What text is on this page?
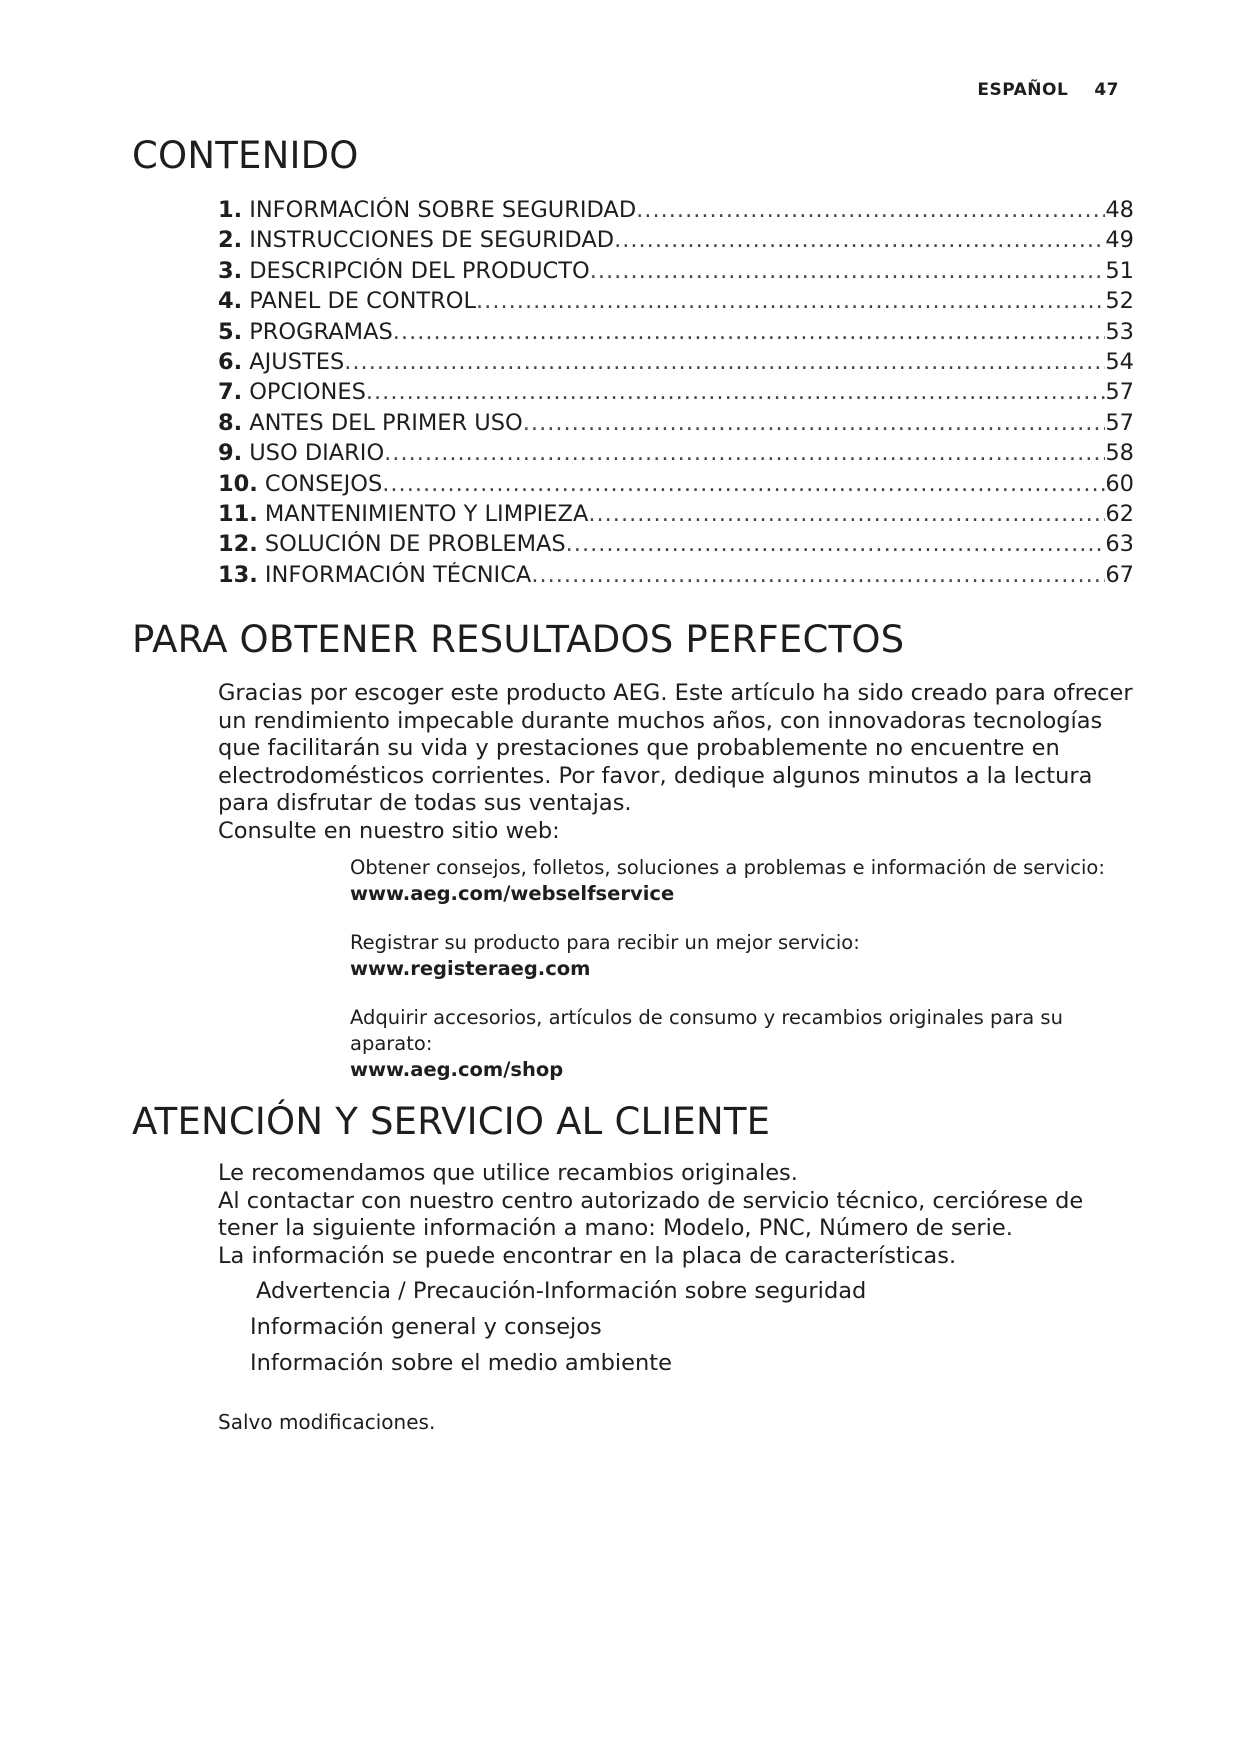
ESPAÑOL 47
CONTENIDO
1. INFORMACIÓN SOBRE SEGURIDAD .....	48
2. INSTRUCCIONES DE SEGURIDAD .....	49
3. DESCRIPCIÓN DEL PRODUCTO .....	51
4. PANEL DE CONTROL .....	52
5. PROGRAMAS .....	53
6. AJUSTES .....	54
7. OPCIONES .....	57
8. ANTES DEL PRIMER USO .....	57
9. USO DIARIO .....	58
10. CONSEJOS .....	60
11. MANTENIMIENTO Y LIMPIEZA .....	62
12. SOLUCIÓN DE PROBLEMAS .....	63
13. INFORMACIÓN TÉCNICA .....	67
PARA OBTENER RESULTADOS PERFECTOS

Gracias por escoger este producto AEG. Este artículo ha sido creado para ofrecer un rendimiento impecable durante muchos años, con innovadoras tecnologías que facilitarán su vida y prestaciones que probablemente no encuentre en electrodomésticos corrientes. Por favor, dedique algunos minutos a la lectura para disfrutar de todas sus ventajas.

Consulte en nuestro sitio web:

Obtener consejos, folletos, soluciones a problemas e información de servicio:
www.aeg.com/webselfservice
Registrar su producto para recibir un mejor servicio:
www.registeraeg.com
Adquirir accesorios, artículos de consumo y recambios originales para su aparato:
www.aeg.com/shop
ATENCIÓN Y SERVICIO AL CLIENTE

Le recomendamos que utilice recambios originales.

Al contactar con nuestro centro autorizado de servicio técnico, cerciórese de tener la siguiente información a mano: Modelo, PNC, Número de serie.

La información se puede encontrar en la placa de características.

Advertencia / Precaución-Información sobre seguridad
Información general y consejos
Información sobre el medio ambiente
Salvo modificaciones.
